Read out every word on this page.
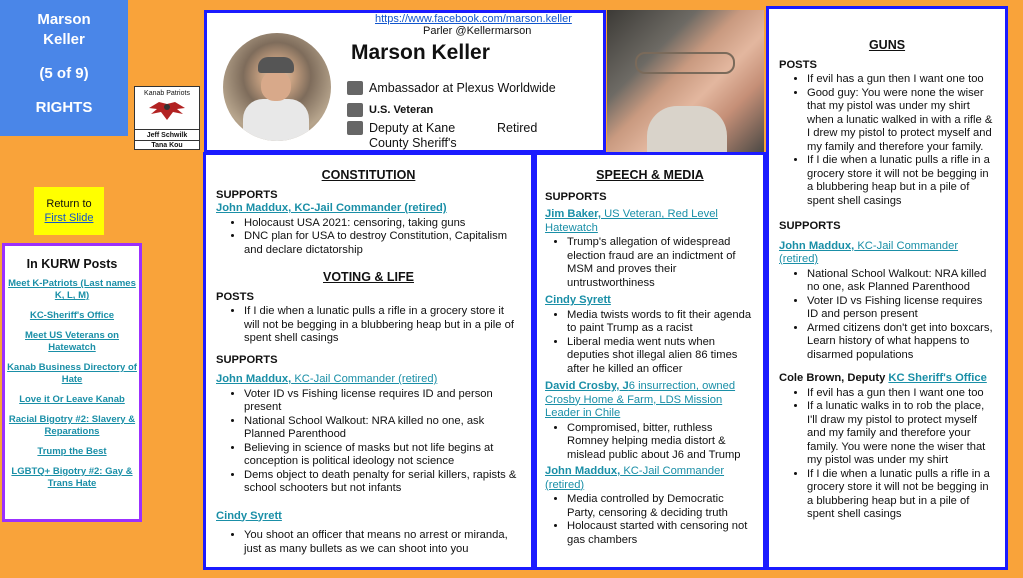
Marson
Keller
(5 of 9)
RIGHTS
Kanab Patriots
Jeff Schwilk
Tana Kou
Return to
First Slide
In KURW Posts
Meet K-Patriots (Last names K, L, M)
KC-Sheriff's Office
Meet US Veterans on Hatewatch
Kanab Business Directory of Hate
Love it Or Leave Kanab
Racial Bigotry #2: Slavery & Reparations
Trump the Best
LGBTQ+ Bigotry #2: Gay & Trans Hate
https://www.facebook.com/marson.keller
Parler @Kellermarson
Marson Keller
Ambassador at Plexus Worldwide
U.S. Veteran
Deputy at Kane County Sheriff's
Retired
CONSTITUTION
SUPPORTS
John Maddux, KC-Jail Commander (retired)
• Holocaust USA 2021: censoring, taking guns
• DNC plan for USA to destroy Constitution, Capitalism and declare dictatorship
VOTING & LIFE
POSTS
• If I die when a lunatic pulls a rifle in a grocery store it will not be begging in a blubbering heap but in a pile of spent shell casings
SUPPORTS
John Maddux, KC-Jail Commander (retired)
• Voter ID vs Fishing license requires ID and person present
• National School Walkout: NRA killed no one, ask Planned Parenthood
• Believing in science of masks but not life begins at conception is political ideology not science
• Dems object to death penalty for serial killers, rapists & school schooters but not infants
Cindy Syrett
• You shoot an officer that means no arrest or miranda, just as many bullets as we can shoot into you
SPEECH & MEDIA
SUPPORTS
Jim Baker, US Veteran, Red Level Hatewatch
• Trump's allegation of widespread election fraud are an indictment of MSM and proves their untrustworthiness
Cindy Syrett
• Media twists words to fit their agenda to paint Trump as a racist
• Liberal media went nuts when deputies shot illegal alien 86 times after he killed an officer
David Crosby, J6 insurrection, owned Crosby Home & Farm, LDS Mission Leader in Chile
• Compromised, bitter, ruthless Romney helping media distort & mislead public about J6 and Trump
John Maddux, KC-Jail Commander (retired)
• Media controlled by Democratic Party, censoring & deciding truth
• Holocaust started with censoring not gas chambers
GUNS
POSTS
• If evil has a gun then I want one too
• Good guy: You were none the wiser that my pistol was under my shirt when a lunatic walked in with a rifle & I drew my pistol to protect myself and my family and therefore your family.
• If I die when a lunatic pulls a rifle in a grocery store it will not be begging in a blubbering heap but in a pile of spent shell casings
SUPPORTS
John Maddux, KC-Jail Commander (retired)
• National School Walkout: NRA killed no one, ask Planned Parenthood
• Voter ID vs Fishing license requires ID and person present
• Armed citizens don't get into boxcars, Learn history of what happens to disarmed populations
Cole Brown, Deputy KC Sheriff's Office
• If evil has a gun then I want one too
• If a lunatic walks in to rob the place, I'll draw my pistol to protect myself and my family and therefore your family. You were none the wiser that my pistol was under my shirt
• If I die when a lunatic pulls a rifle in a grocery store it will not be begging in a blubbering heap but in a pile of spent shell casings
